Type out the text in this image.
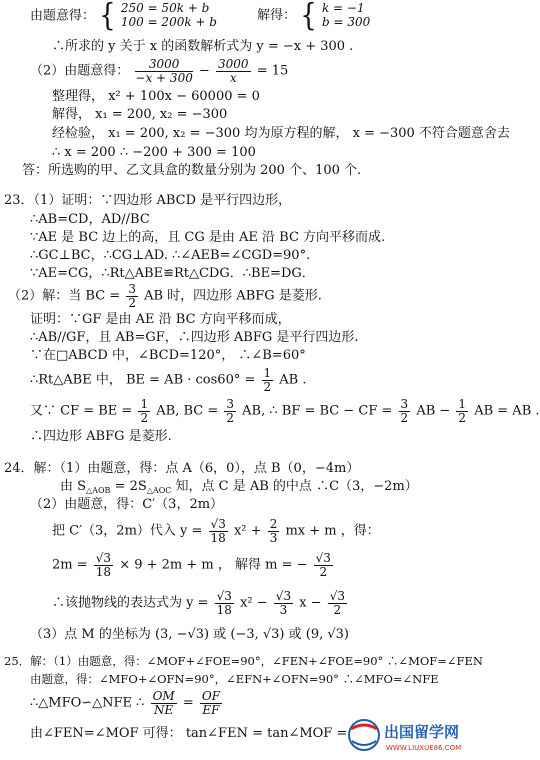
由题意得： { 250 = 50k + b
100 = 200k + b	解得： { k = −1
b = 300
∴所求的 y 关于 x 的函数解析式为 y = −x + 300 .
（2）由题意得： $\frac{3000}{-x + 300} - \frac{3000}{x} = 15$
整理得， x² + 100x − 60000 = 0
解得， x₁ = 200, x₂ = −300
经检验， x₁ = 200, x₂ = −300 均为原方程的解， x = −300 不符合题意舍去
∴ x = 200 ∴ −200 + 300 = 100
答：所选购的甲、乙文具盒的数量分别为 200 个、100 个.
23．（1）证明：∵四边形 ABCD 是平行四边形，
∴AB=CD，AD//BC
∵AE 是 BC 边上的高，且 CG 是由 AE 沿 BC 方向平移而成.
∴GC⊥BC，∴CG⊥AD. ∴∠AEB=∠CGD=90°.
∵AE=CG，∴Rt△ABE≌Rt△CDG．∴BE=DG．
（2）解：当 BC = $\frac{3}{2}$ AB 时，四边形 ABFG 是菱形.
证明：∵GF 是由 AE 沿 BC 方向平移而成，
∴AB//GF，且 AB=GF，∴四边形 ABFG 是平行四边形.
∵在□ABCD 中，∠BCD=120°， ∴∠B=60°
∴Rt△ABE 中， BE = AB · $\cos 60^\circ = \frac{1}{2}$ AB .
又∵ CF = BE = $\frac{1}{2}$ AB, BC = $\frac{3}{2}$ AB, ∴ BF = BC − CF = $\frac{3}{2}$ AB − $\frac{1}{2}$ AB = AB .
∴四边形 ABFG 是菱形.
24．解：（1）由题意，得：点 A（6，0），点 B（0，−4m）
由 $S_{\triangle AOB} = 2S_{\triangle AOC}$ 知，点 C 是 AB 的中点 ∴C（3，−2m）
（2）由题意，得：C′（3，2m）
把 C′（3，2m）代入 $y = \frac{√3}{18} x^2 + \frac{2}{3}$ mx + m ，得：
$2m = \frac{√3}{18} \times 9 + 2m + m$ ， 解得 m = − $\frac{√3}{2}$
∴该抛物线的表达式为 $y = \frac{√3}{18} x^2 - \frac{√3}{3}$ $x - \frac{√3}{2}$
（3）点 M 的坐标为 (3, −√3) 或 (−3, √3) 或 (9, √3)
25．解：（1）由题意，得：∠MOF+∠FOE=90°，∠FEN+∠FOE=90° ∴∠MOF=∠FEN
由题意，得：∠MFO+∠OFN=90°，∠EFN+∠OFN=90° ∴∠MFO=∠NFE
∴△MFO∽△NFE ∴ $\frac{OM}{NE} = \frac{OF}{EF}$
由∠FEN=∠MOF 可得： tan∠FEN = tan∠MOF = 出国留学网
WWW.LIUXUE86.COM
